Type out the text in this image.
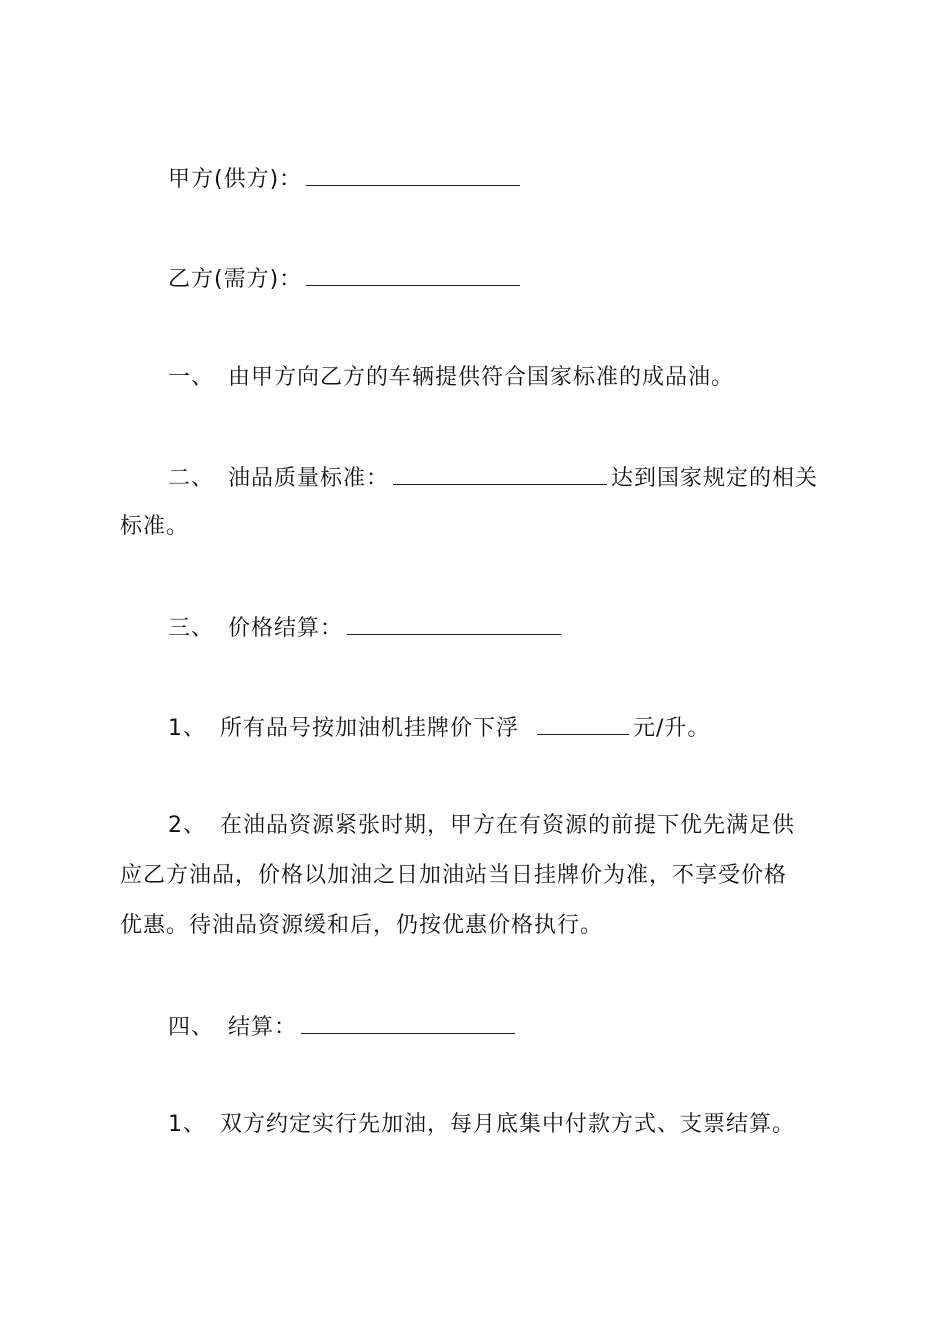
甲方(供方)：
乙方(需方)：
一、 由甲方向乙方的车辆提供符合国家标准的成品油。
二、 油品质量标准：	达到国家规定的相关
标准。
三、 价格结算：
1、 所有品号按加油机挂牌价下浮	元/升。
2、 在油品资源紧张时期，甲方在有资源的前提下优先满足供
应乙方油品，价格以加油之日加油站当日挂牌价为准，不享受价格
优惠。待油品资源缓和后，仍按优惠价格执行。
四、 结算：
1、 双方约定实行先加油，每月底集中付款方式、支票结算。
